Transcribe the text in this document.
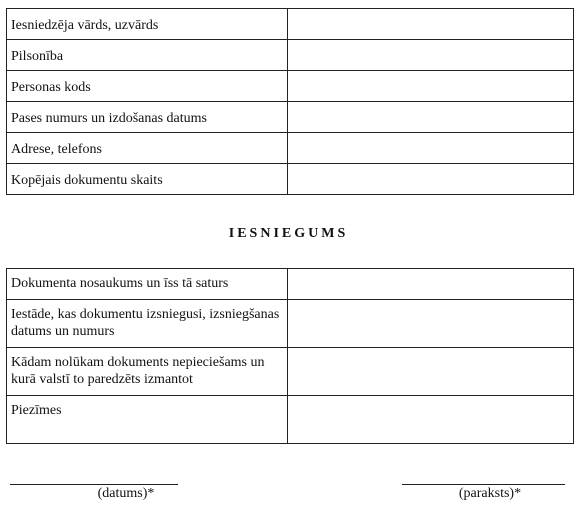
Iesniedzēja vārds, uzvārds	
Pilsonība	
Personas kods	
Pases numurs un izdošanas datums	
Adrese, telefons	
Kopējais dokumentu skaits	
IESNIEGUMS
Dokumenta nosaukums un īss tā saturs	
Iestāde, kas dokumentu izsniegusi, izsniegšanas datums un numurs	
Kādam nolūkam dokuments nepieciešams un kurā valstī to paredzēts izmantot	
Piezīmes	
(datums)*	(paraksts)*
